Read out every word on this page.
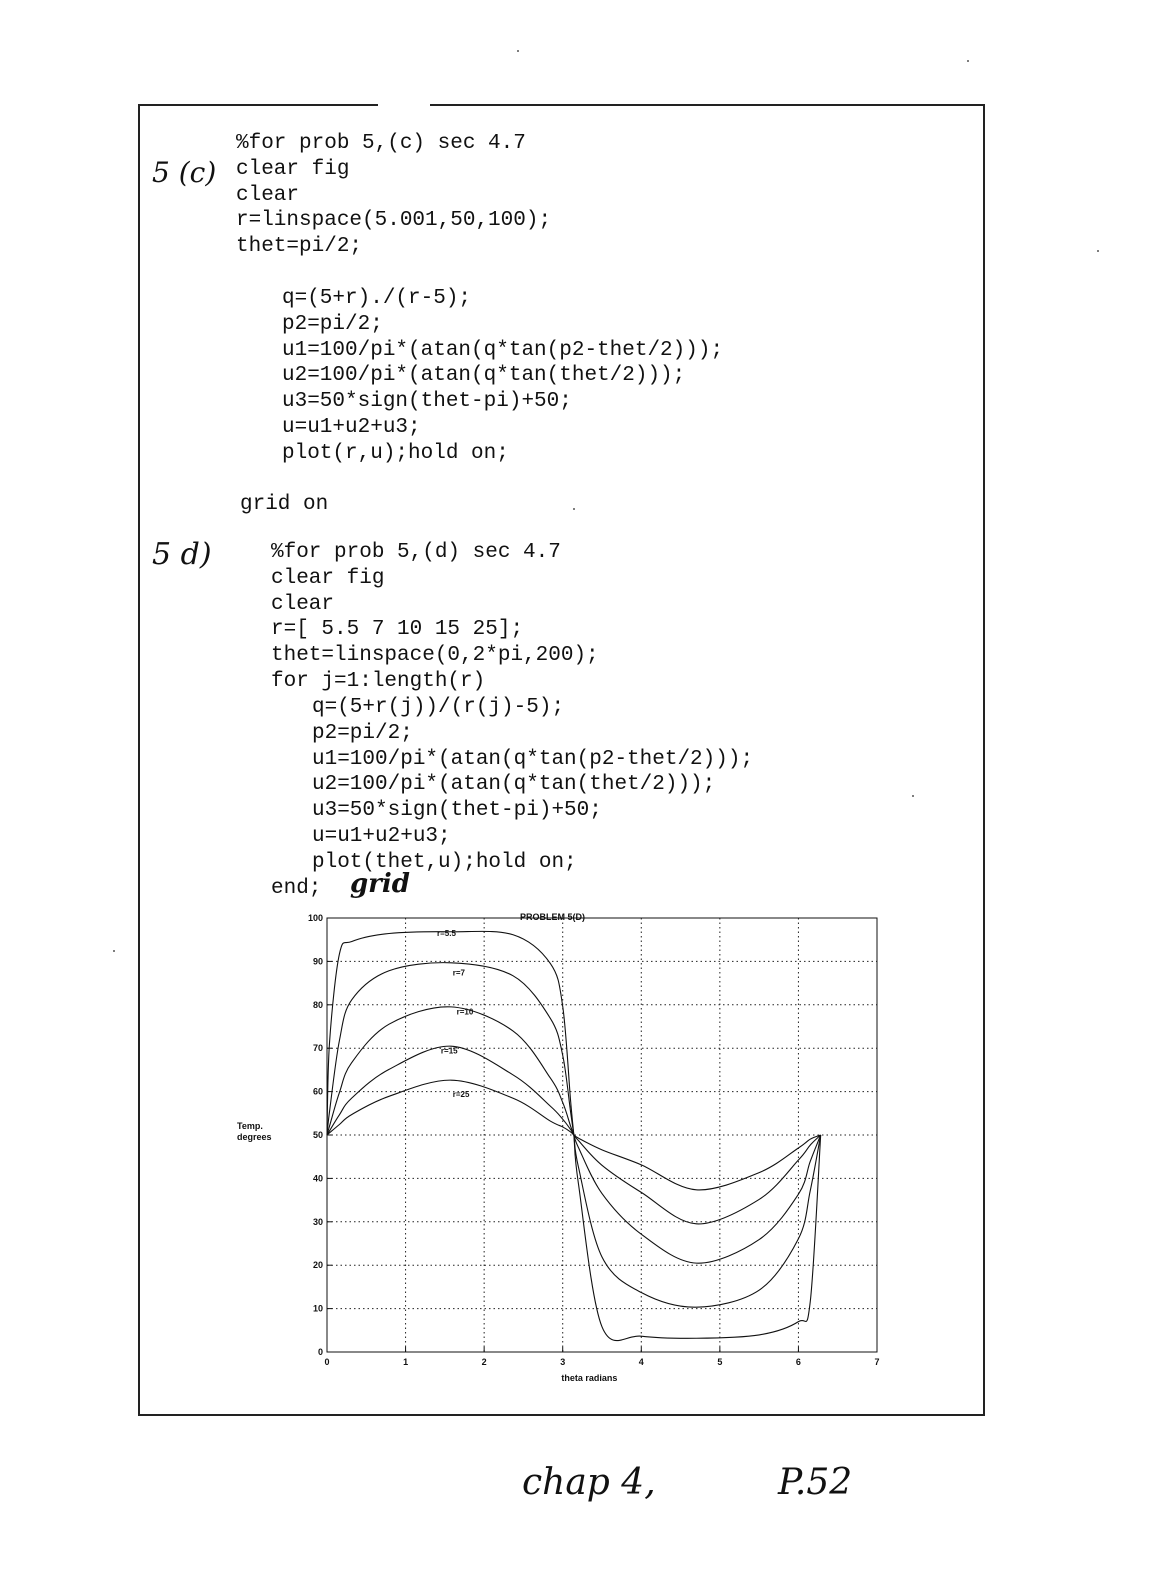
5 (c)
5 d)
grid
chap 4,	P.52
%for prob 5,(c) sec 4.7
clear fig
clear
r=linspace(5.001,50,100);
thet=pi/2;
q=(5+r)./(r-5);
p2=pi/2;
u1=100/pi*(atan(q*tan(p2-thet/2)));
u2=100/pi*(atan(q*tan(thet/2)));
u3=50*sign(thet-pi)+50;
u=u1+u2+u3;
plot(r,u);hold on;
grid on
%for prob 5,(d) sec 4.7
clear fig
clear
r=[ 5.5 7 10 15 25];
thet=linspace(0,2*pi,200);
for j=1:length(r)
q=(5+r(j))/(r(j)-5);
p2=pi/2;
u1=100/pi*(atan(q*tan(p2-thet/2)));
u2=100/pi*(atan(q*tan(thet/2)));
u3=50*sign(thet-pi)+50;
u=u1+u2+u3;
plot(thet,u);hold on;
end;
0	1	2	3	4	5	6	7
0
10
20
30
40
50
60
70
80
90
100
r=5.5
r=7
r=10
r=15
r=25
PROBLEM 5(D)
theta radians
Temp.
degrees
